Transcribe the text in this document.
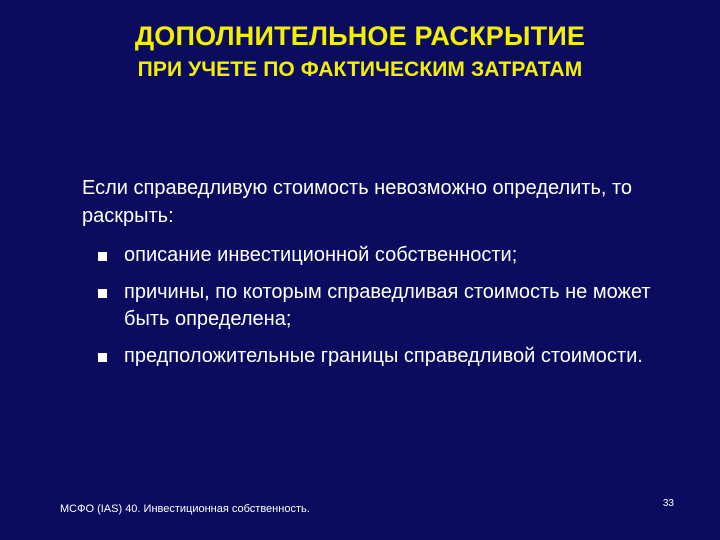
ДОПОЛНИТЕЛЬНОЕ РАСКРЫТИЕ
ПРИ УЧЕТЕ ПО ФАКТИЧЕСКИМ ЗАТРАТАМ
Если справедливую стоимость невозможно определить, то раскрыть:
описание инвестиционной собственности;
причины, по которым справедливая стоимость не может быть определена;
предположительные границы справедливой стоимости.
МСФО (IAS) 40. Инвестиционная собственность.	33
